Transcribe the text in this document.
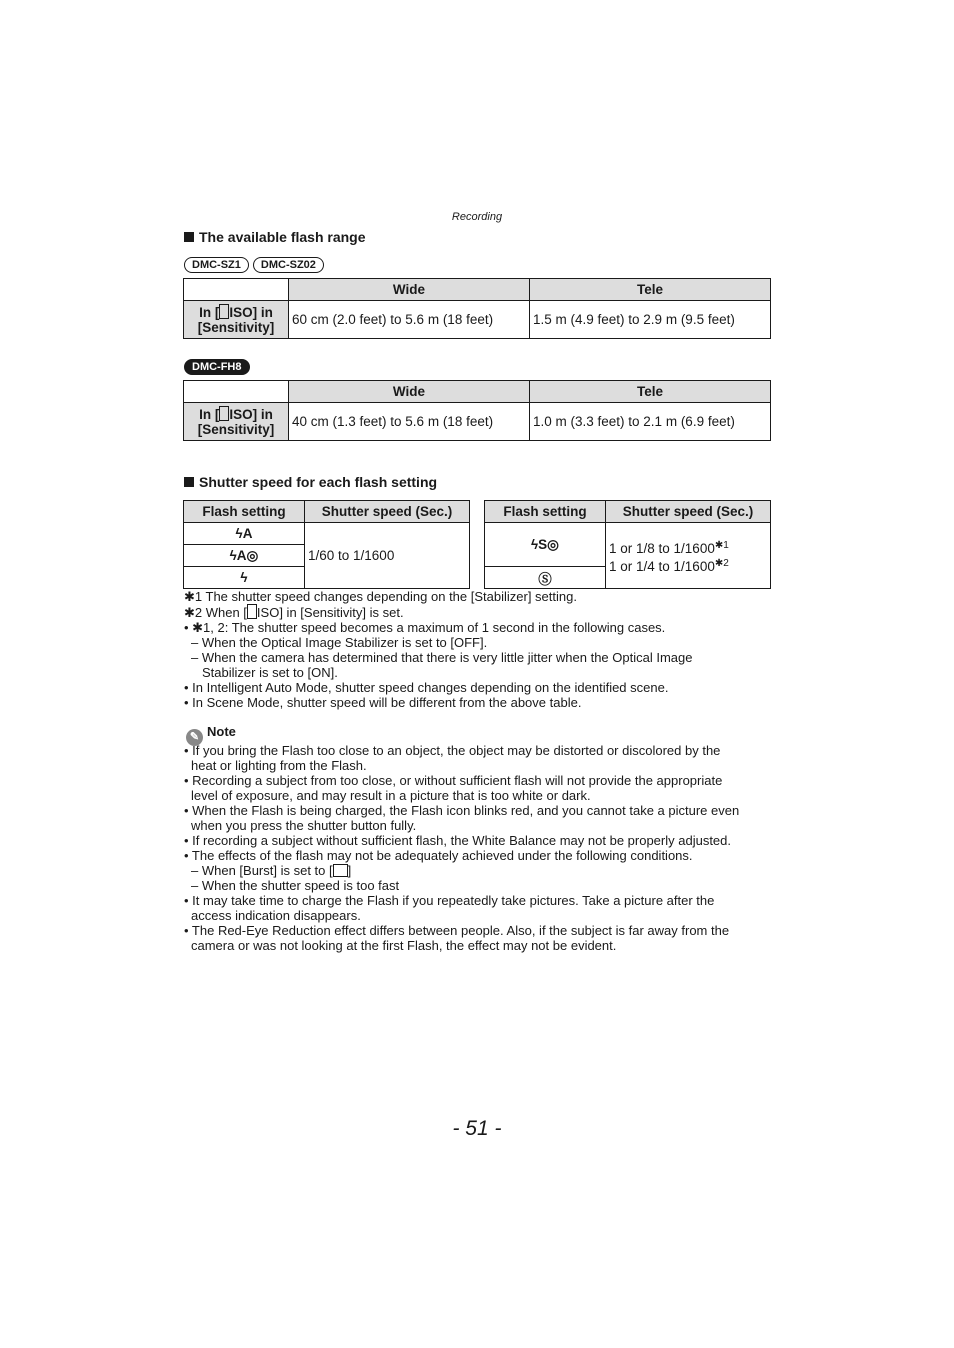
Recording
The available flash range
DMC-SZ1 DMC-SZ02
	Wide	Tele
In [ ISO] in
[Sensitivity]	60 cm (2.0 feet) to 5.6 m (18 feet)	1.5 m (4.9 feet) to 2.9 m (9.5 feet)
DMC-FH8
	Wide	Tele
In [ ISO] in
[Sensitivity]	40 cm (1.3 feet) to 5.6 m (18 feet)	1.0 m (3.3 feet) to 2.1 m (6.9 feet)
Shutter speed for each flash setting
Flash setting	Shutter speed (Sec.)
ϟA	1/60 to 1/1600
ϟA◎	
ϟ	
Flash setting	Shutter speed (Sec.)
ϟS◎	1 or 1/8 to $1/1600^{✱1}$
1 or 1/4 to $1/1600^{✱2}$
Ⓢ	
✱1 The shutter speed changes depending on the [Stabilizer] setting.
✱2 When [ ISO] in [Sensitivity] is set.
• ✱1, 2: The shutter speed becomes a maximum of 1 second in the following cases.
– When the Optical Image Stabilizer is set to [OFF].
– When the camera has determined that there is very little jitter when the Optical Image
Stabilizer is set to [ON].
• In Intelligent Auto Mode, shutter speed changes depending on the identified scene.
• In Scene Mode, shutter speed will be different from the above table.
✎ Note
• If you bring the Flash too close to an object, the object may be distorted or discolored by the
heat or lighting from the Flash.
• Recording a subject from too close, or without sufficient flash will not provide the appropriate
level of exposure, and may result in a picture that is too white or dark.
• When the Flash is being charged, the Flash icon blinks red, and you cannot take a picture even
when you press the shutter button fully.
• If recording a subject without sufficient flash, the White Balance may not be properly adjusted.
• The effects of the flash may not be adequately achieved under the following conditions.
– When [Burst] is set to [ ]
– When the shutter speed is too fast
• It may take time to charge the Flash if you repeatedly take pictures. Take a picture after the
access indication disappears.
• The Red-Eye Reduction effect differs between people. Also, if the subject is far away from the
camera or was not looking at the first Flash, the effect may not be evident.
- 51 -
